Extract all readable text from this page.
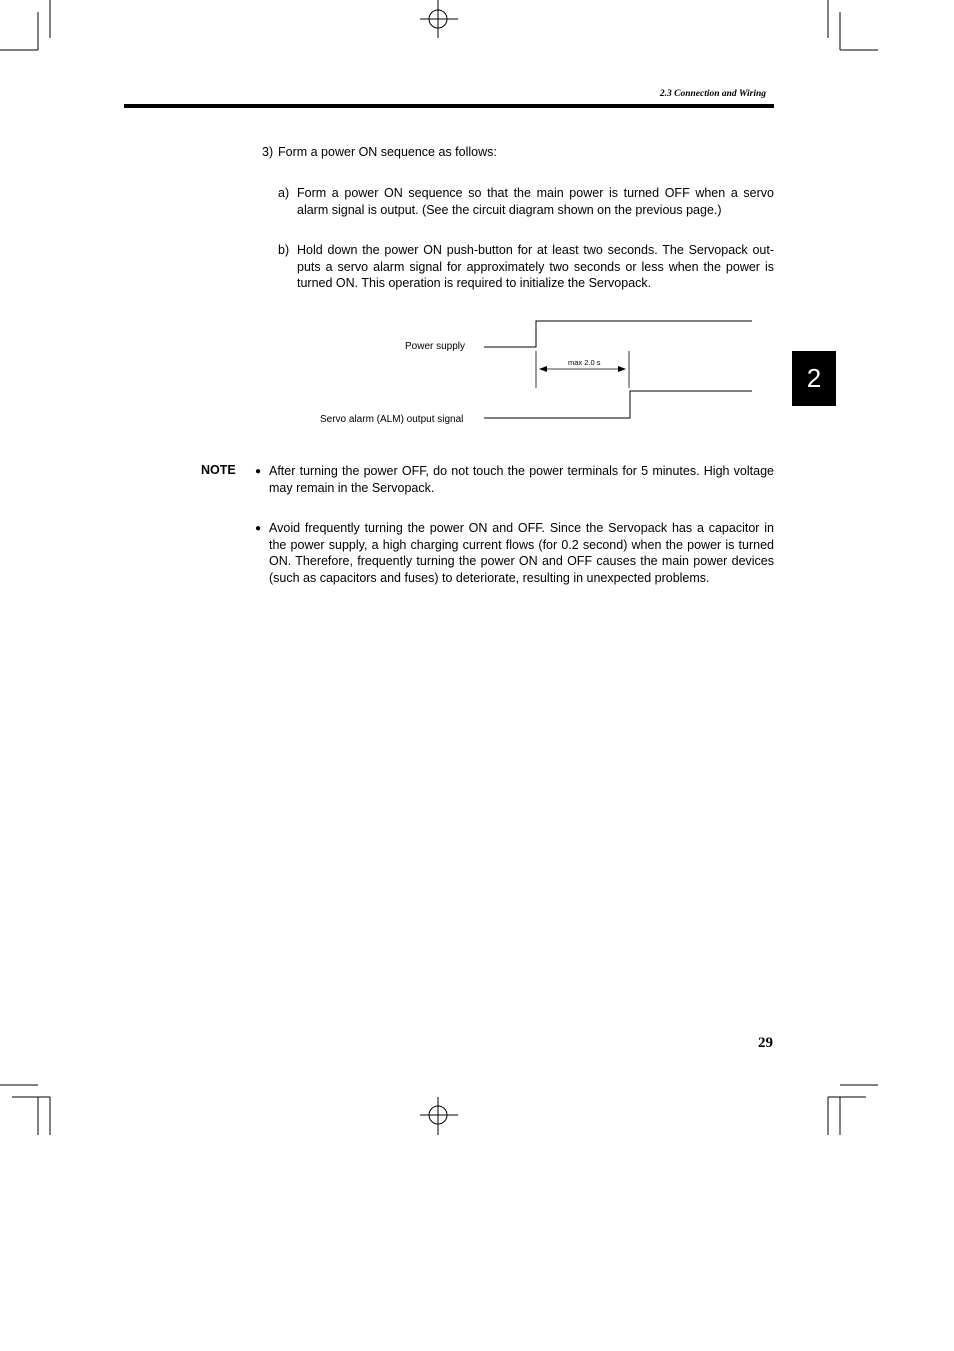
2.3 Connection and Wiring
3) Form a power ON sequence as follows:
a) Form a power ON sequence so that the main power is turned OFF when a servo alarm signal is output. (See the circuit diagram shown on the previous page.)
b) Hold down the power ON push-button for at least two seconds. The Servopack out-puts a servo alarm signal for approximately two seconds or less when the power is turned ON. This operation is required to initialize the Servopack.
Power supply
Servo alarm (ALM) output signal
max 2.0 s
2
NOTE ● After turning the power OFF, do not touch the power terminals for 5 minutes. High voltage may remain in the Servopack.
● Avoid frequently turning the power ON and OFF. Since the Servopack has a capacitor in the power supply, a high charging current flows (for 0.2 second) when the power is turned ON. Therefore, frequently turning the power ON and OFF causes the main power devices (such as capacitors and fuses) to deteriorate, resulting in unexpected problems.
29
